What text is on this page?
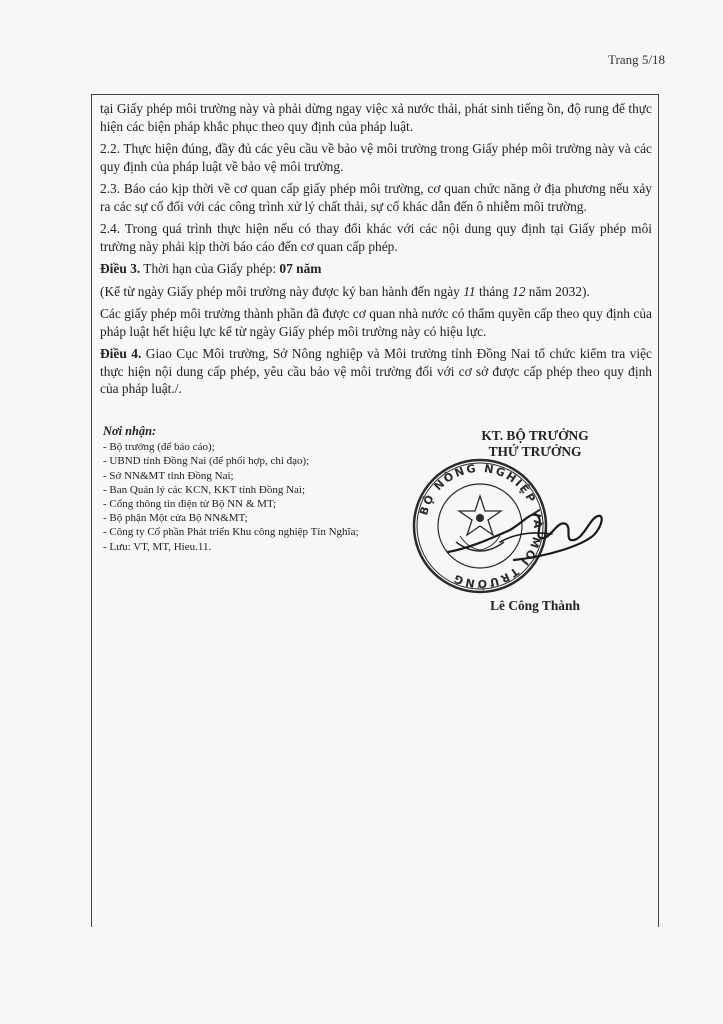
Trang 5/18

tại Giấy phép môi trường này và phải dừng ngay việc xả nước thải, phát sinh tiếng ồn, độ rung để thực hiện các biện pháp khắc phục theo quy định của pháp luật.

2.2. Thực hiện đúng, đầy đủ các yêu cầu về bảo vệ môi trường trong Giấy phép môi trường này và các quy định của pháp luật về bảo vệ môi trường.

2.3. Báo cáo kịp thời về cơ quan cấp giấy phép môi trường, cơ quan chức năng ở địa phương nếu xảy ra các sự cố đối với các công trình xử lý chất thải, sự cố khác dẫn đến ô nhiễm môi trường.

2.4. Trong quá trình thực hiện nếu có thay đổi khác với các nội dung quy định tại Giấy phép môi trường này phải kịp thời báo cáo đến cơ quan cấp phép.

Điều 3. Thời hạn của Giấy phép: 07 năm

(Kể từ ngày Giấy phép môi trường này được ký ban hành đến ngày 11 tháng 12 năm 2032).

Các giấy phép môi trường thành phần đã được cơ quan nhà nước có thẩm quyền cấp theo quy định của pháp luật hết hiệu lực kể từ ngày Giấy phép môi trường này có hiệu lực.

Điều 4. Giao Cục Môi trường, Sở Nông nghiệp và Môi trường tỉnh Đồng Nai tổ chức kiểm tra việc thực hiện nội dung cấp phép, yêu cầu bảo vệ môi trường đối với cơ sở được cấp phép theo quy định của pháp luật./.

Nơi nhận:
- Bộ trưởng (để báo cáo);
- UBND tỉnh Đồng Nai (để phối hợp, chỉ đạo);
- Sở NN&MT tỉnh Đồng Nai;
- Ban Quản lý các KCN, KKT tỉnh Đồng Nai;
- Cổng thông tin điện tử Bộ NN & MT;
- Bộ phận Một cửa Bộ NN&MT;
- Công ty Cổ phần Phát triển Khu công nghiệp Tín Nghĩa;
- Lưu: VT, MT, Hieu.11.
KT. BỘ TRƯỞNG
THỨ TRƯỞNG
BỘ NÔNG NGHIỆP VÀ MÔI TRƯỜNG
Lê Công Thành
